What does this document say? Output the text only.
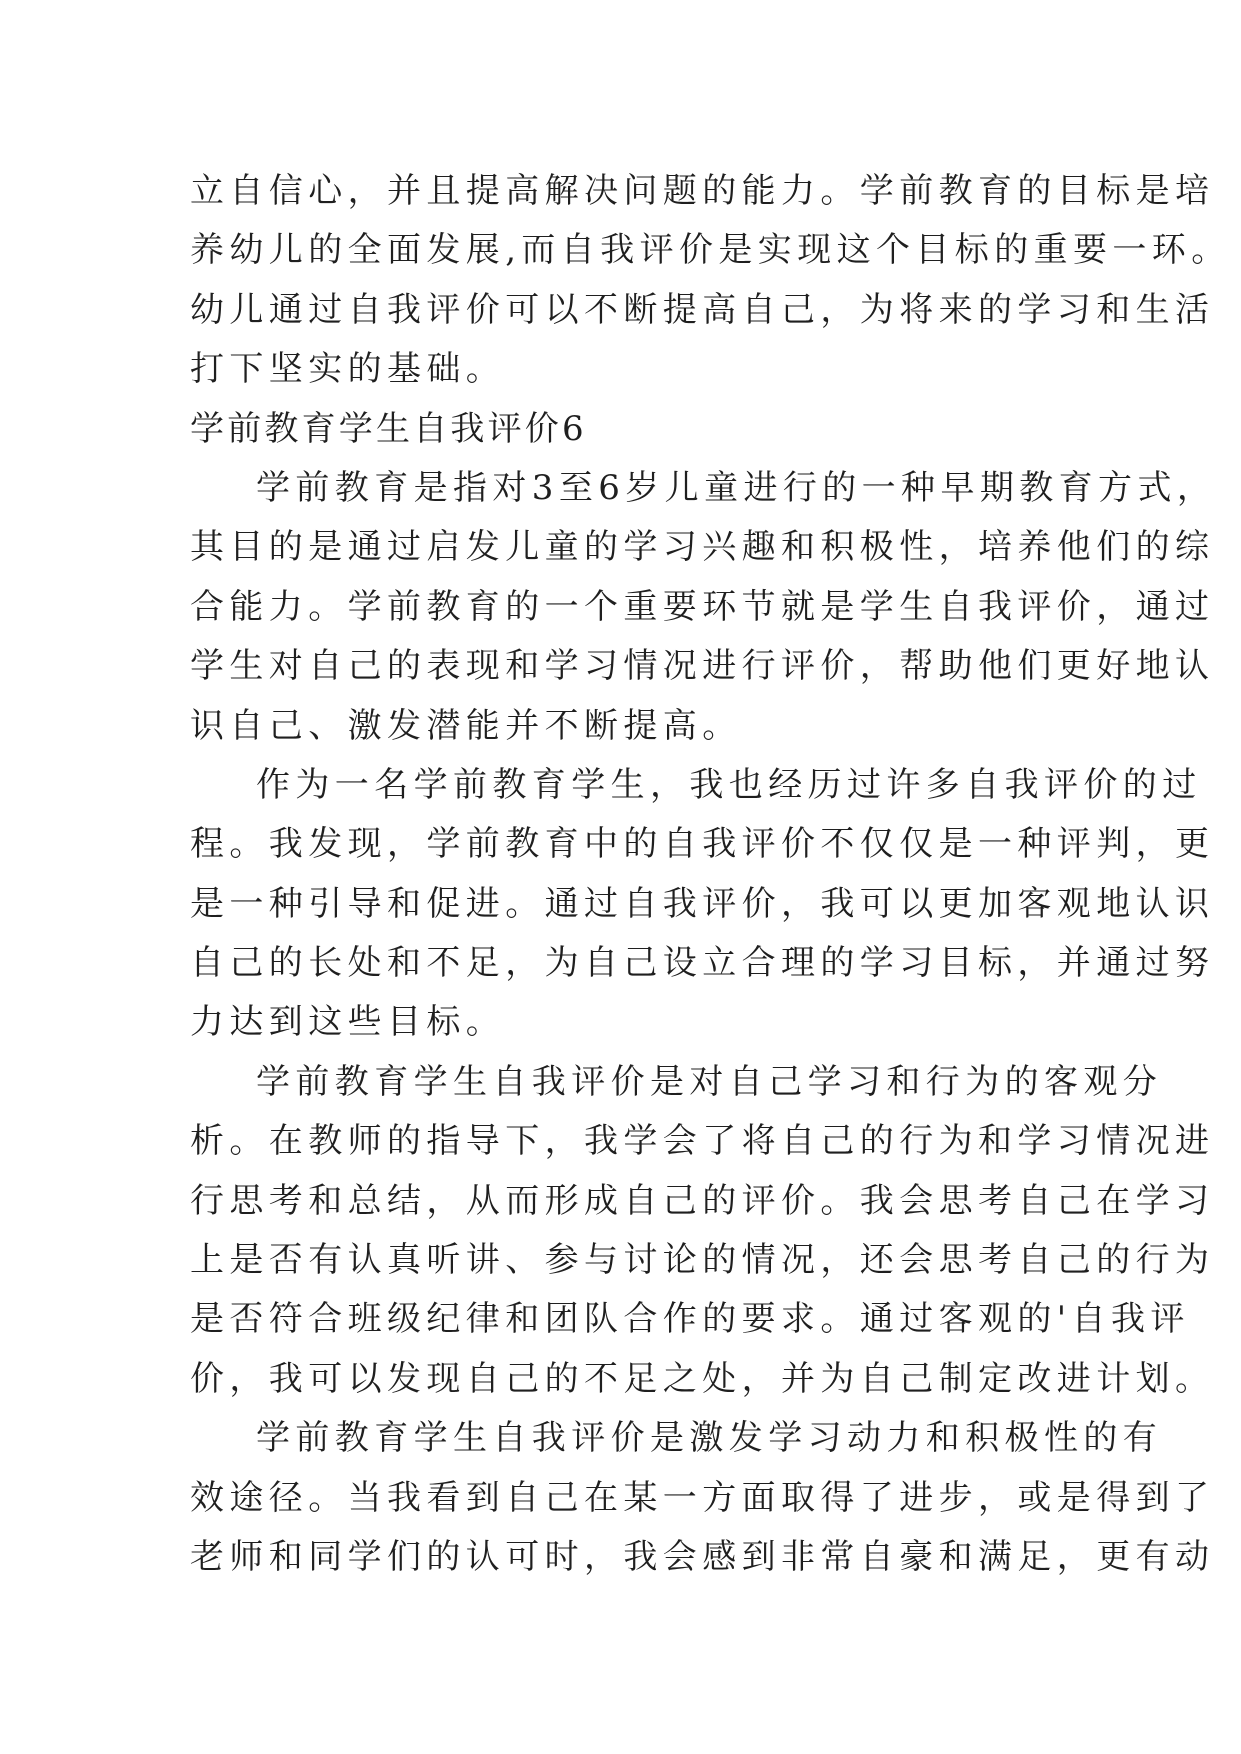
立自信心，并且提高解决问题的能力。学前教育的目标是培
养幼儿的全面发展,而自我评价是实现这个目标的重要一环。
幼儿通过自我评价可以不断提高自己，为将来的学习和生活
打下坚实的基础。
学前教育学生自我评价6
学前教育是指对3至6岁儿童进行的一种早期教育方式，
其目的是通过启发儿童的学习兴趣和积极性，培养他们的综
合能力。学前教育的一个重要环节就是学生自我评价，通过
学生对自己的表现和学习情况进行评价，帮助他们更好地认
识自己、激发潜能并不断提高。
作为一名学前教育学生，我也经历过许多自我评价的过
程。我发现，学前教育中的自我评价不仅仅是一种评判，更
是一种引导和促进。通过自我评价，我可以更加客观地认识
自己的长处和不足，为自己设立合理的学习目标，并通过努
力达到这些目标。
学前教育学生自我评价是对自己学习和行为的客观分
析。在教师的指导下，我学会了将自己的行为和学习情况进
行思考和总结，从而形成自己的评价。我会思考自己在学习
上是否有认真听讲、参与讨论的情况，还会思考自己的行为
是否符合班级纪律和团队合作的要求。通过客观的'自我评
价，我可以发现自己的不足之处，并为自己制定改进计划。
学前教育学生自我评价是激发学习动力和积极性的有
效途径。当我看到自己在某一方面取得了进步，或是得到了
老师和同学们的认可时，我会感到非常自豪和满足，更有动
